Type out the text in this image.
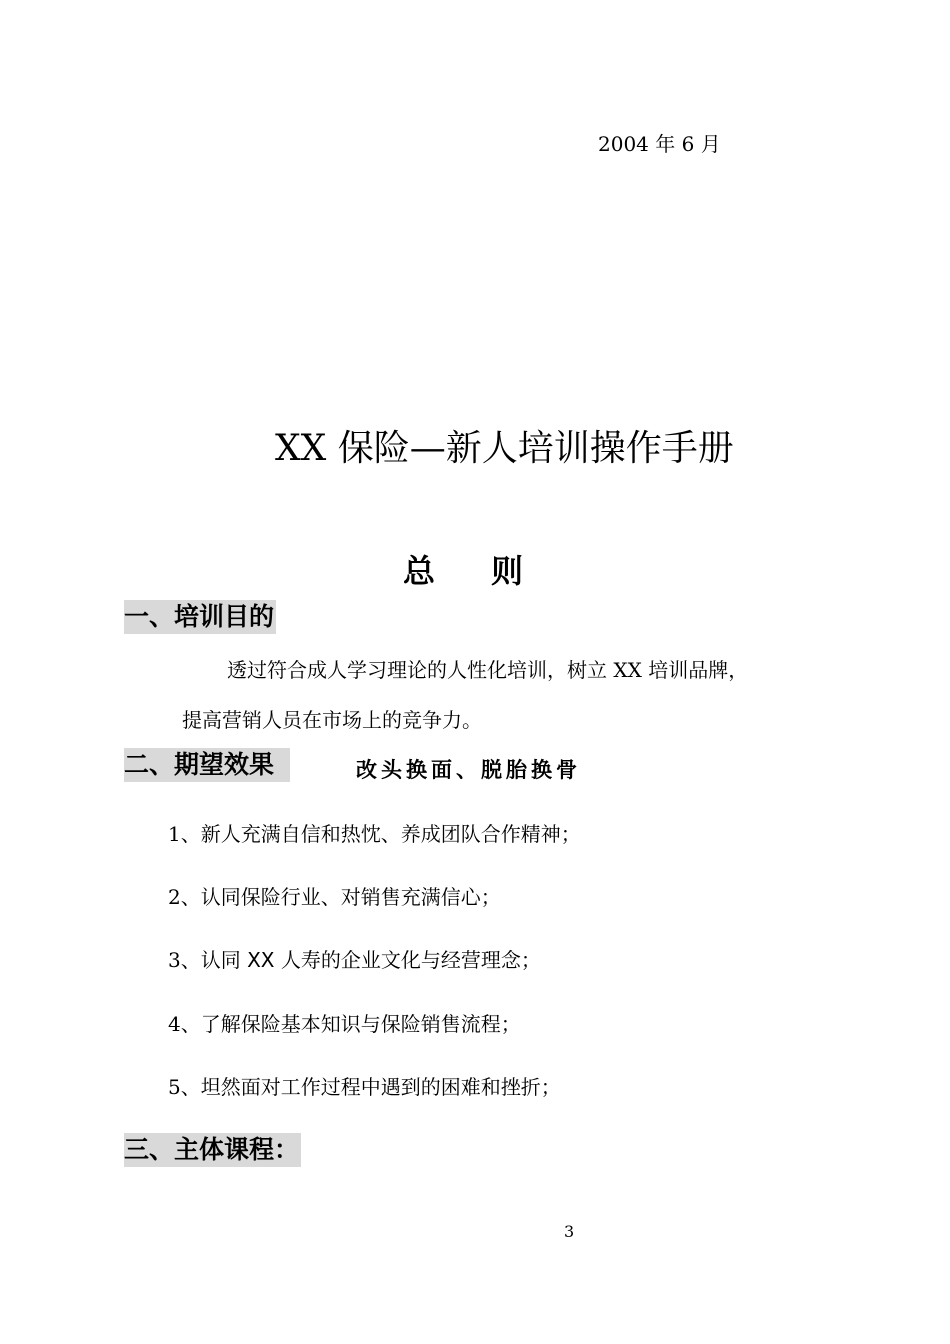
2004 年 6 月
XX 保险—新人培训操作手册
总 则
一、培训目的
透过符合成人学习理论的人性化培训，树立 XX 培训品牌，
提高营销人员在市场上的竞争力。
二、期望效果	改头换面、脱胎换骨
1、新人充满自信和热忱、养成团队合作精神；
2、认同保险行业、对销售充满信心；
3、认同 XX 人寿的企业文化与经营理念；
4、了解保险基本知识与保险销售流程；
5、坦然面对工作过程中遇到的困难和挫折；
三、主体课程：
3
